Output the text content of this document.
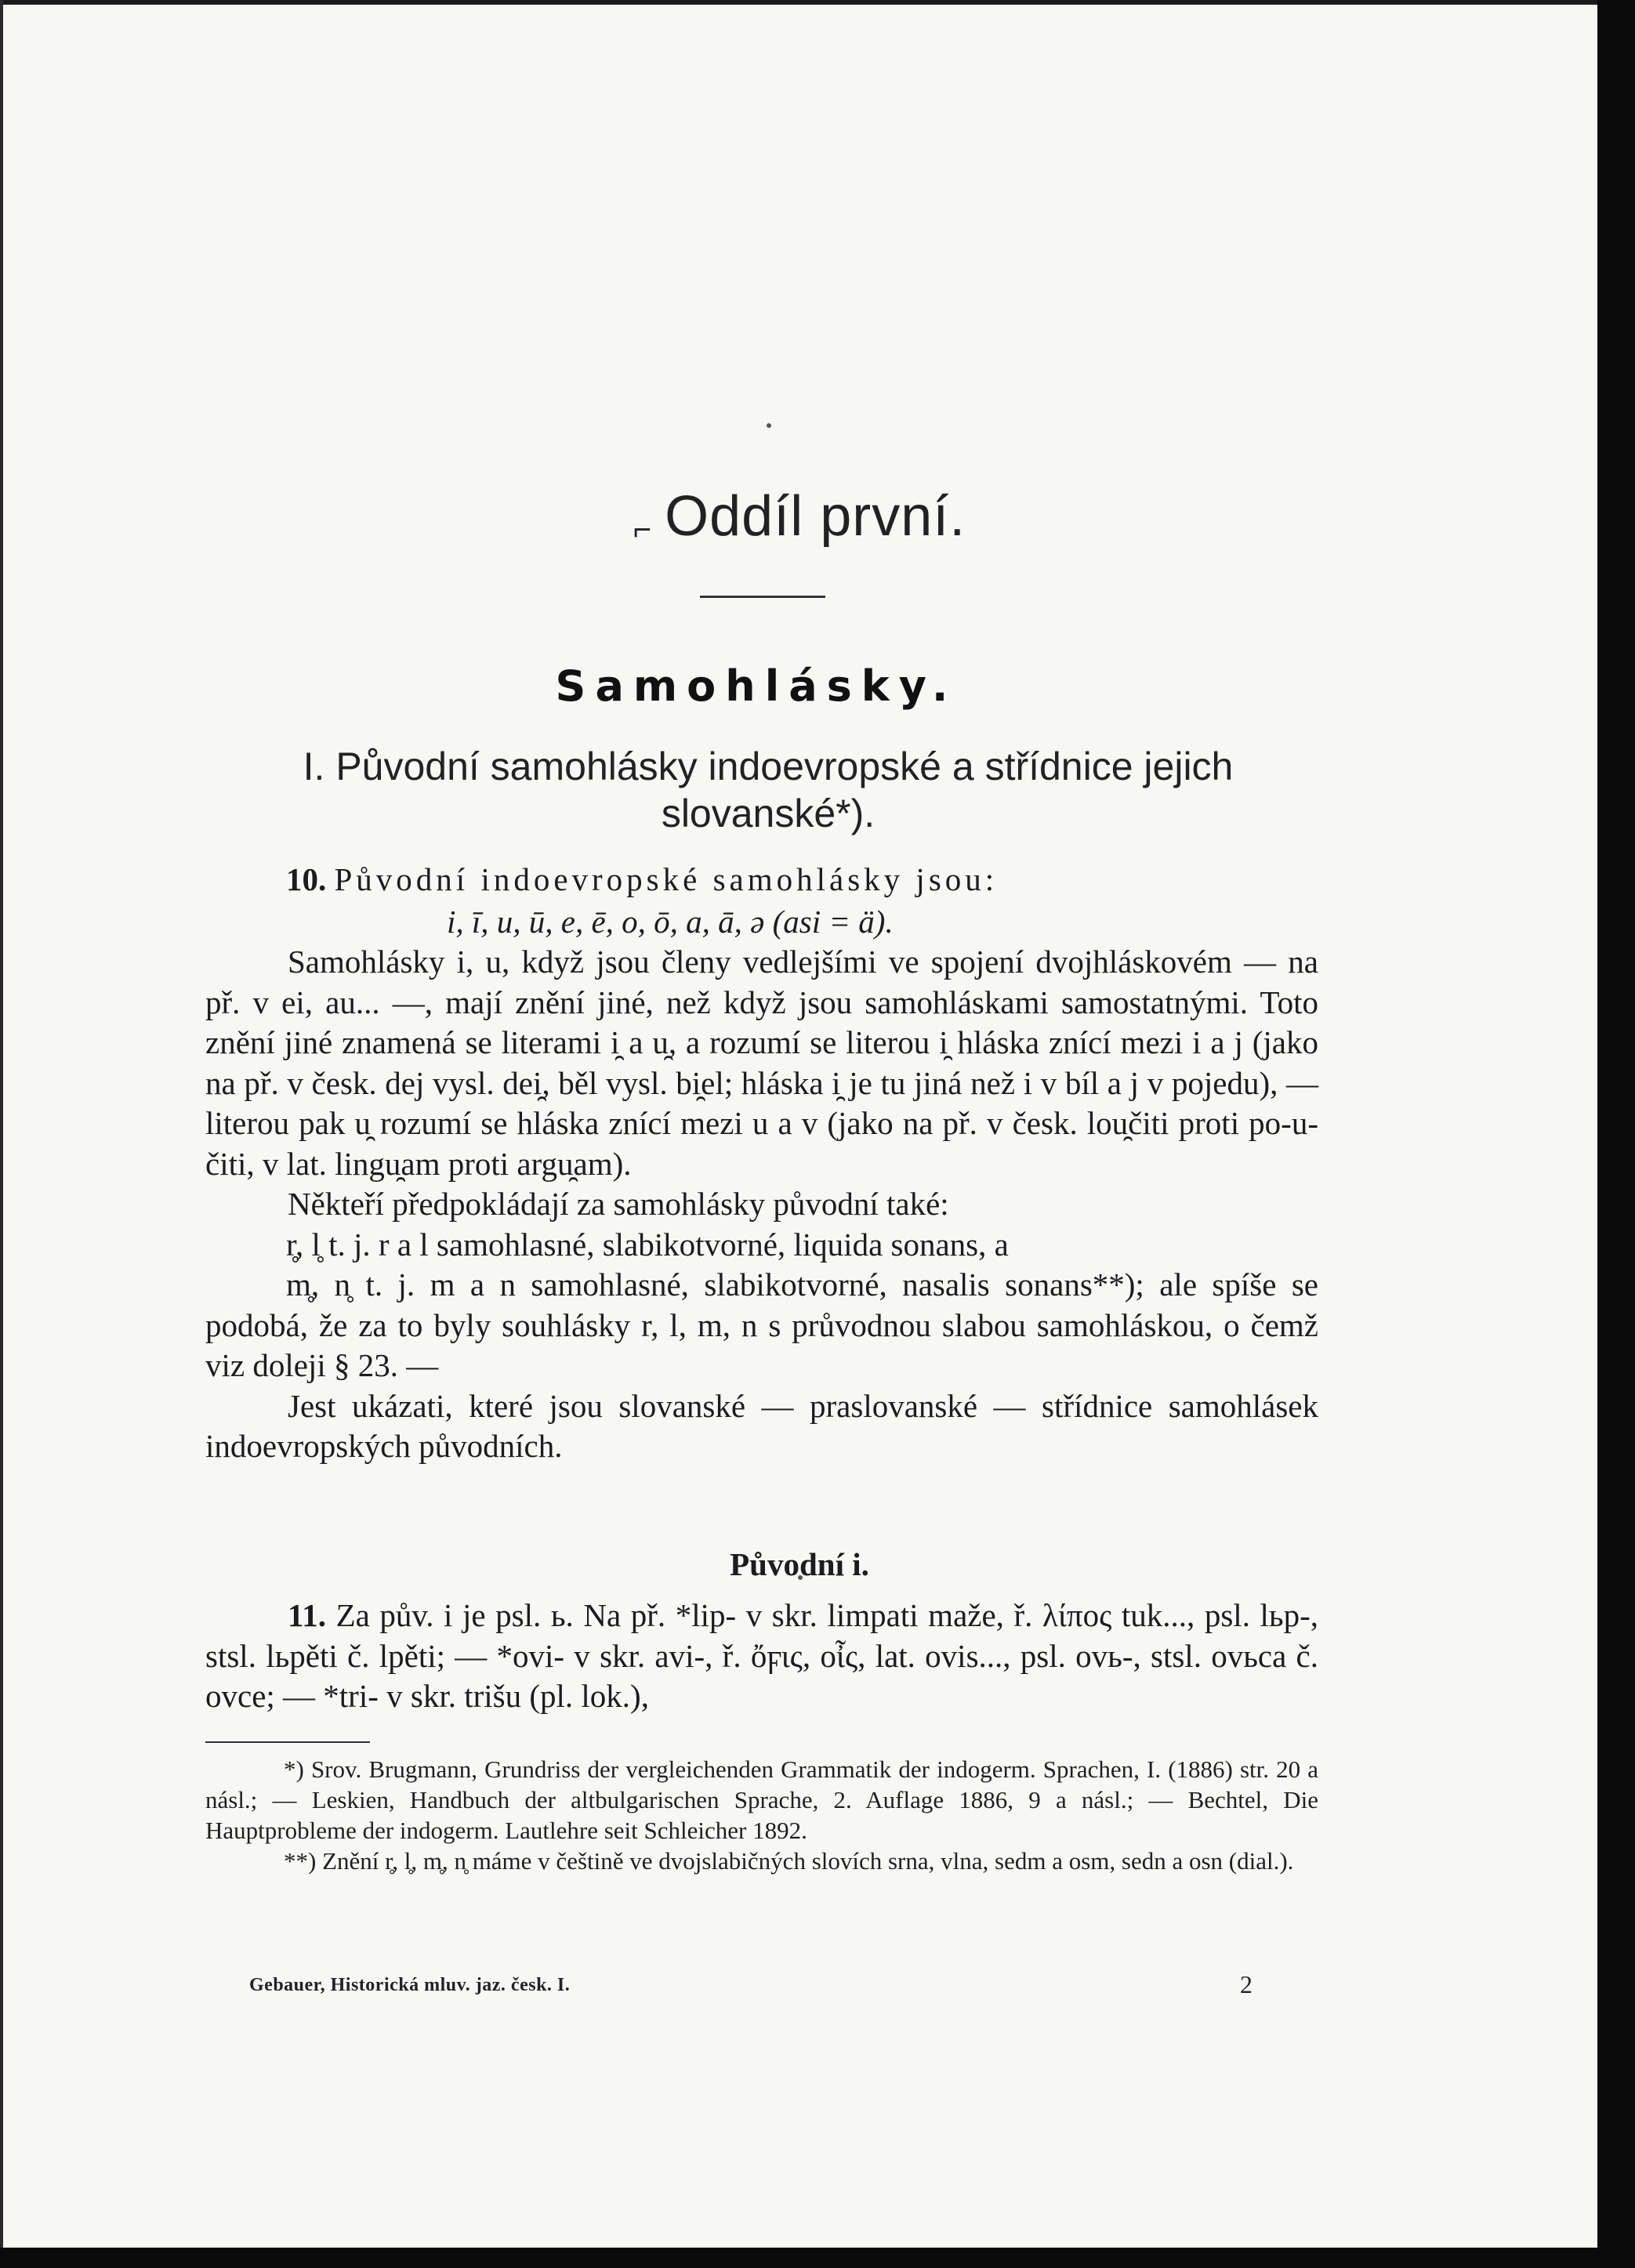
⌐ Oddíl první.
Samohlásky.
I. Původní samohlásky indoevropské a střídnice jejich slovanské*).
10. Původní indoevropské samohlásky jsou:
i, ī, u, ū, e, ē, o, ō, a, ā, ə (asi = ä).

Samohlásky i, u, když jsou členy vedlejšími ve spojení dvojhláskovém — na př. v ei, au... —, mají znění jiné, než když jsou samohláskami samostatnými. Toto znění jiné znamená se literami i̯ a u̯, a rozumí se literou i̯ hláska znící mezi i a j (jako na př. v česk. dej vysl. dei̯, běl vysl. bi̯el; hláska i̯ je tu jiná než i v bíl a j v pojedu), — literou pak u̯ rozumí se hláska znící mezi u a v (jako na př. v česk. lou̯čiti proti po-u-čiti, v lat. lingu̯am proti argu̯am).

Někteří předpokládají za samohlásky původní také:

r̥, l̥ t. j. r a l samohlasné, slabikotvorné, liquida sonans, a

m̥, n̥ t. j. m a n samohlasné, slabikotvorné, nasalis sonans**); ale spíše se podobá, že za to byly souhlásky r, l, m, n s průvodnou slabou samohláskou, o čemž viz doleji § 23. —

Jest ukázati, které jsou slovanské — praslovanské — střídnice samohlásek indoevropských původních.

Původní i.

11. Za pův. i je psl. ь. Na př. *lip- v skr. limpati maže, ř. λίπος tuk..., psl. lьp-, stsl. lьpěti č. lpěti; — *ovi- v skr. avi-, ř. ὄϝις, οἶς, lat. ovis..., psl. ovь-, stsl. ovьca č. ovce; — *tri- v skr. trišu (pl. lok.),

*) Srov. Brugmann, Grundriss der vergleichenden Grammatik der indogerm. Sprachen, I. (1886) str. 20 a násl.; — Leskien, Handbuch der altbulgarischen Sprache, 2. Auflage 1886, 9 a násl.; — Bechtel, Die Hauptprobleme der indogerm. Lautlehre seit Schleicher 1892.

**) Znění r̥, l̥, m̥, n̥ máme v češtině ve dvojslabičných slovích srna, vlna, sedm a osm, sedn a osn (dial.).

Gebauer, Historická mluv. jaz. česk. I.	2
